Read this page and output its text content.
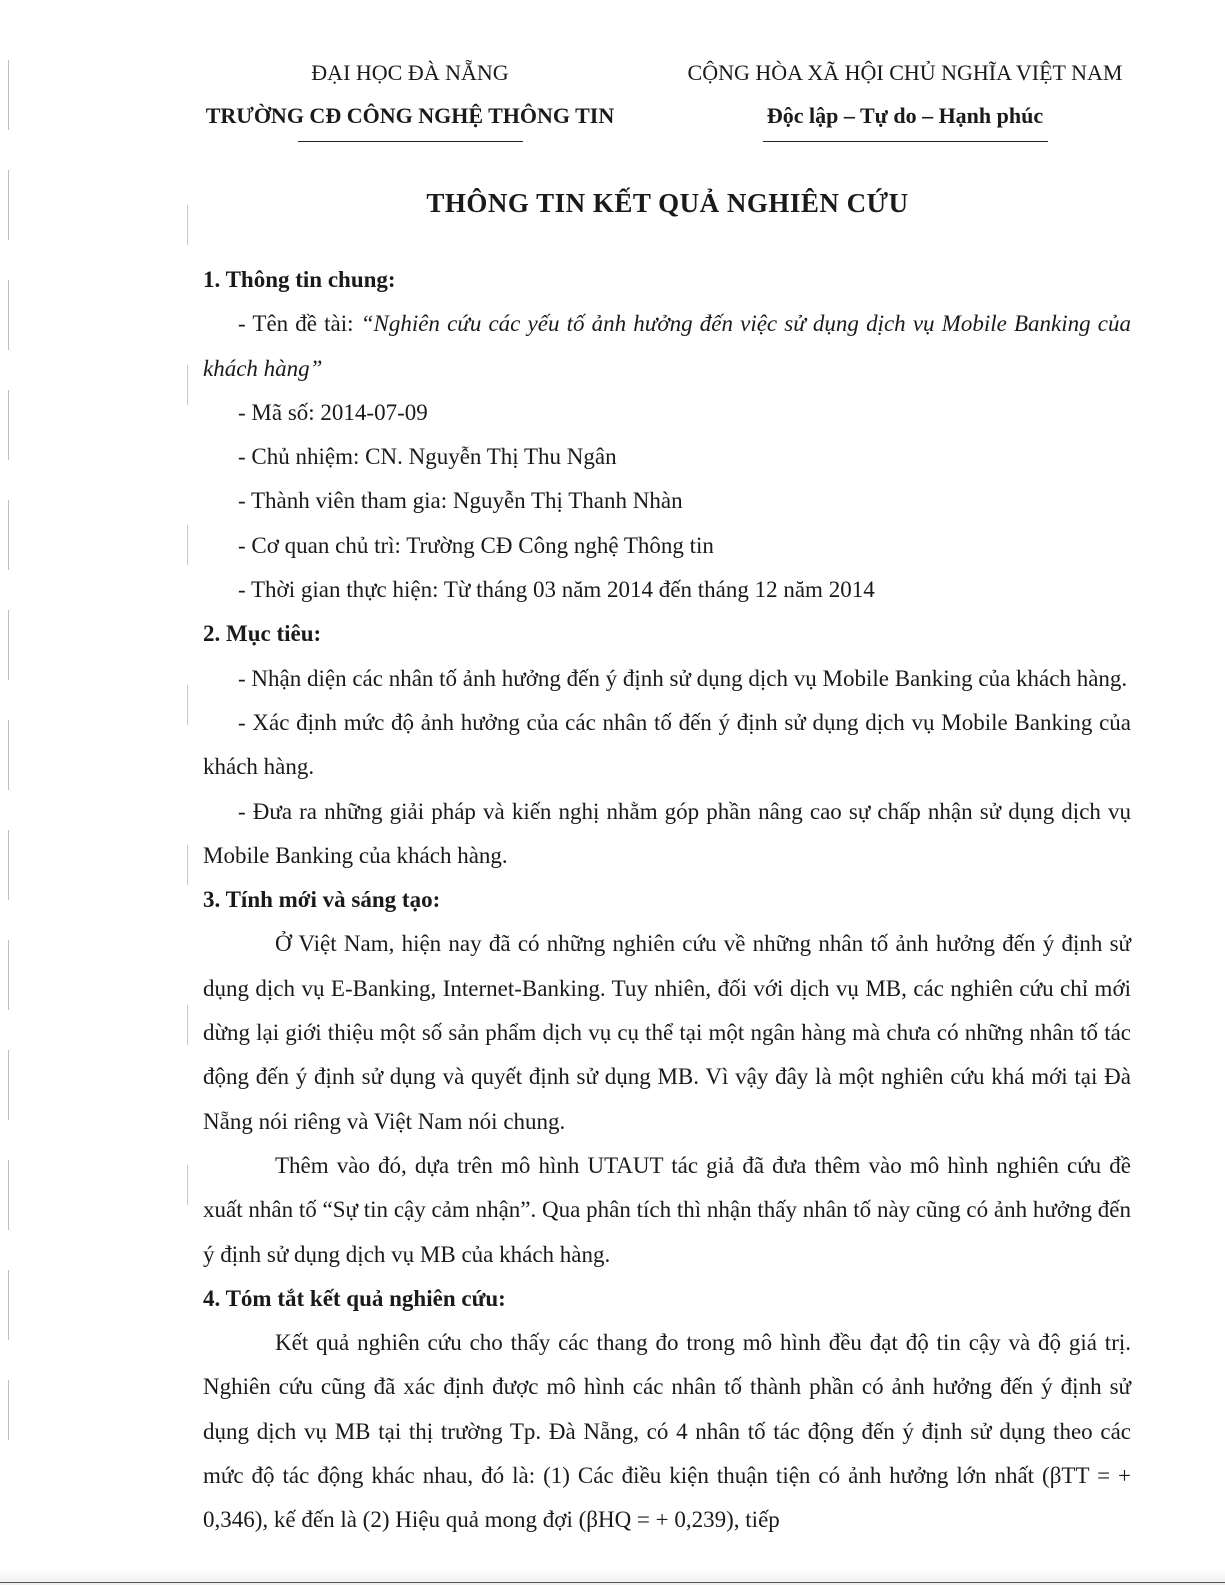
ĐẠI HỌC ĐÀ NẴNG
TRƯỜNG CĐ CÔNG NGHỆ THÔNG TIN
CỘNG HÒA XÃ HỘI CHỦ NGHĨA VIỆT NAM
Độc lập – Tự do – Hạnh phúc
THÔNG TIN KẾT QUẢ NGHIÊN CỨU

1. Thông tin chung:

- Tên đề tài: “Nghiên cứu các yếu tố ảnh hưởng đến việc sử dụng dịch vụ Mobile Banking của khách hàng”

- Mã số: 2014-07-09

- Chủ nhiệm: CN. Nguyễn Thị Thu Ngân

- Thành viên tham gia: Nguyễn Thị Thanh Nhàn

- Cơ quan chủ trì: Trường CĐ Công nghệ Thông tin

- Thời gian thực hiện: Từ tháng 03 năm 2014 đến tháng 12 năm 2014

2. Mục tiêu:

- Nhận diện các nhân tố ảnh hưởng đến ý định sử dụng dịch vụ Mobile Banking của khách hàng.

- Xác định mức độ ảnh hưởng của các nhân tố đến ý định sử dụng dịch vụ Mobile Banking của khách hàng.

- Đưa ra những giải pháp và kiến nghị nhằm góp phần nâng cao sự chấp nhận sử dụng dịch vụ Mobile Banking của khách hàng.

3. Tính mới và sáng tạo:

Ở Việt Nam, hiện nay đã có những nghiên cứu về những nhân tố ảnh hưởng đến ý định sử dụng dịch vụ E-Banking, Internet-Banking. Tuy nhiên, đối với dịch vụ MB, các nghiên cứu chỉ mới dừng lại giới thiệu một số sản phẩm dịch vụ cụ thể tại một ngân hàng mà chưa có những nhân tố tác động đến ý định sử dụng và quyết định sử dụng MB. Vì vậy đây là một nghiên cứu khá mới tại Đà Nẵng nói riêng và Việt Nam nói chung.

Thêm vào đó, dựa trên mô hình UTAUT tác giả đã đưa thêm vào mô hình nghiên cứu đề xuất nhân tố “Sự tin cậy cảm nhận”. Qua phân tích thì nhận thấy nhân tố này cũng có ảnh hưởng đến ý định sử dụng dịch vụ MB của khách hàng.

4. Tóm tắt kết quả nghiên cứu:

Kết quả nghiên cứu cho thấy các thang đo trong mô hình đều đạt độ tin cậy và độ giá trị. Nghiên cứu cũng đã xác định được mô hình các nhân tố thành phần có ảnh hưởng đến ý định sử dụng dịch vụ MB tại thị trường Tp. Đà Nẵng, có 4 nhân tố tác động đến ý định sử dụng theo các mức độ tác động khác nhau, đó là: (1) Các điều kiện thuận tiện có ảnh hưởng lớn nhất (βTT = + 0,346), kế đến là (2) Hiệu quả mong đợi (βHQ = + 0,239), tiếp
